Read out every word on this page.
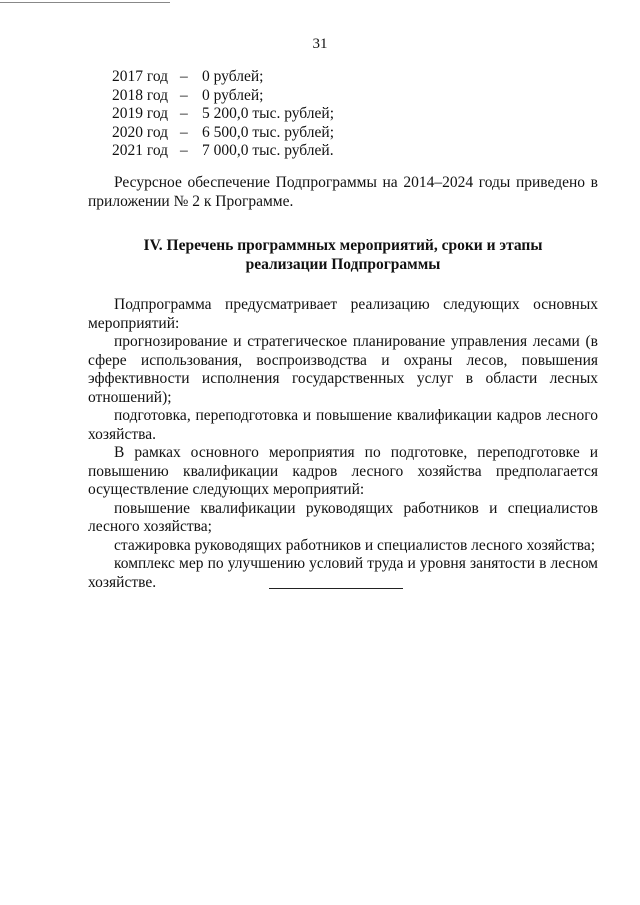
31
2017 год – 0 рублей;
2018 год – 0 рублей;
2019 год – 5 200,0 тыс. рублей;
2020 год – 6 500,0 тыс. рублей;
2021 год – 7 000,0 тыс. рублей.

Ресурсное обеспечение Подпрограммы на 2014–2024 годы приведено в приложении № 2 к Программе.

IV. Перечень программных мероприятий, сроки и этапы
реализации Подпрограммы

Подпрограмма предусматривает реализацию следующих основных мероприятий:

прогнозирование и стратегическое планирование управления лесами (в сфере использования, воспроизводства и охраны лесов, повышения эффективности исполнения государственных услуг в области лесных отношений);

подготовка, переподготовка и повышение квалификации кадров лесного хозяйства.

В рамках основного мероприятия по подготовке, переподготовке и повышению квалификации кадров лесного хозяйства предполагается осуществление следующих мероприятий:

повышение квалификации руководящих работников и специалистов лесного хозяйства;

стажировка руководящих работников и специалистов лесного хозяйства;

комплекс мер по улучшению условий труда и уровня занятости в лесном хозяйстве.
